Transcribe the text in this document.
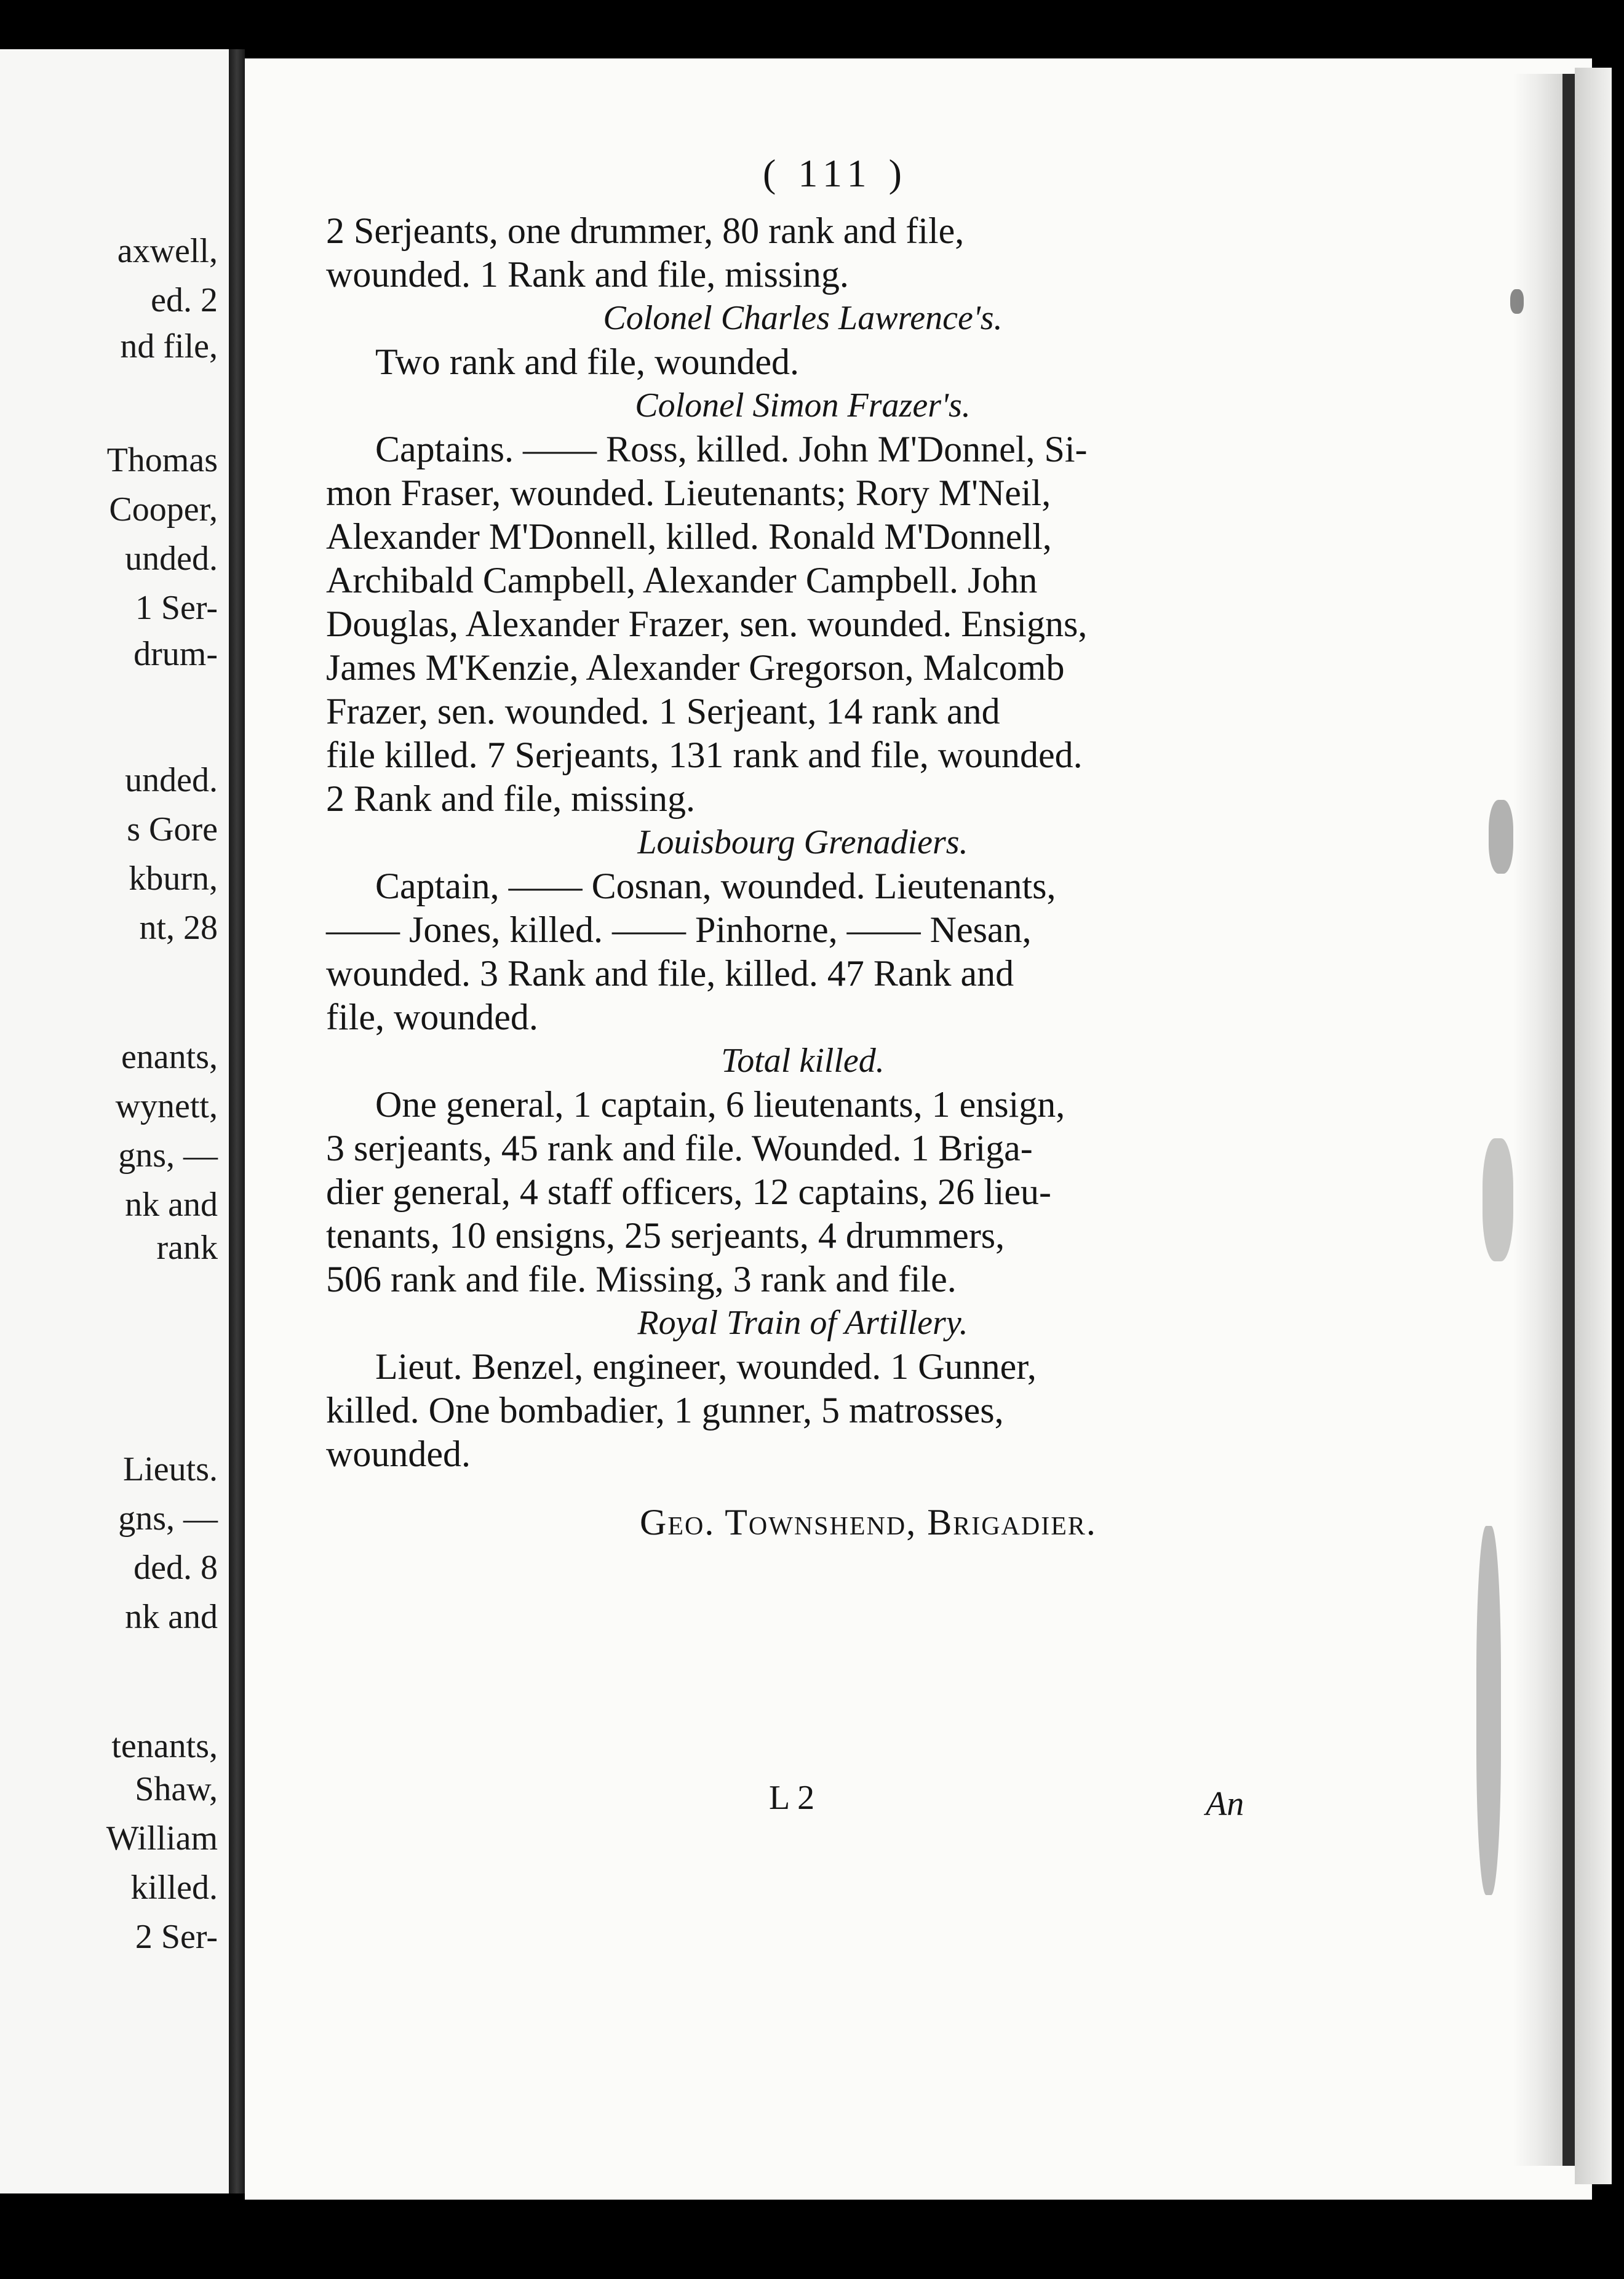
axwell,
ed. 2
nd file,
Thomas
Cooper,
unded.
1 Ser-
drum-
unded.
s Gore
kburn,
nt, 28
enants,
wynett,
gns, —
nk and
rank
Lieuts.
gns, —
ded. 8
nk and
tenants,
Shaw,
William
killed.
2 Ser-
( 111 )
2 Serjeants, one drummer, 80 rank and file,
wounded. 1 Rank and file, missing.
Colonel Charles Lawrence's.
Two rank and file, wounded.
Colonel Simon Frazer's.
Captains. —— Ross, killed. John M'Donnel, Si-
mon Fraser, wounded. Lieutenants; Rory M'Neil,
Alexander M'Donnell, killed. Ronald M'Donnell,
Archibald Campbell, Alexander Campbell. John
Douglas, Alexander Frazer, sen. wounded. Ensigns,
James M'Kenzie, Alexander Gregorson, Malcomb
Frazer, sen. wounded. 1 Serjeant, 14 rank and
file killed. 7 Serjeants, 131 rank and file, wounded.
2 Rank and file, missing.
Louisbourg Grenadiers.
Captain, —— Cosnan, wounded. Lieutenants,
—— Jones, killed. —— Pinhorne, —— Nesan,
wounded. 3 Rank and file, killed. 47 Rank and
file, wounded.
Total killed.
One general, 1 captain, 6 lieutenants, 1 ensign,
3 serjeants, 45 rank and file. Wounded. 1 Briga-
dier general, 4 staff officers, 12 captains, 26 lieu-
tenants, 10 ensigns, 25 serjeants, 4 drummers,
506 rank and file. Missing, 3 rank and file.
Royal Train of Artillery.
Lieut. Benzel, engineer, wounded. 1 Gunner,
killed. One bombadier, 1 gunner, 5 matrosses,
wounded.
Geo. Townshend, Brigadier.
L 2	An
